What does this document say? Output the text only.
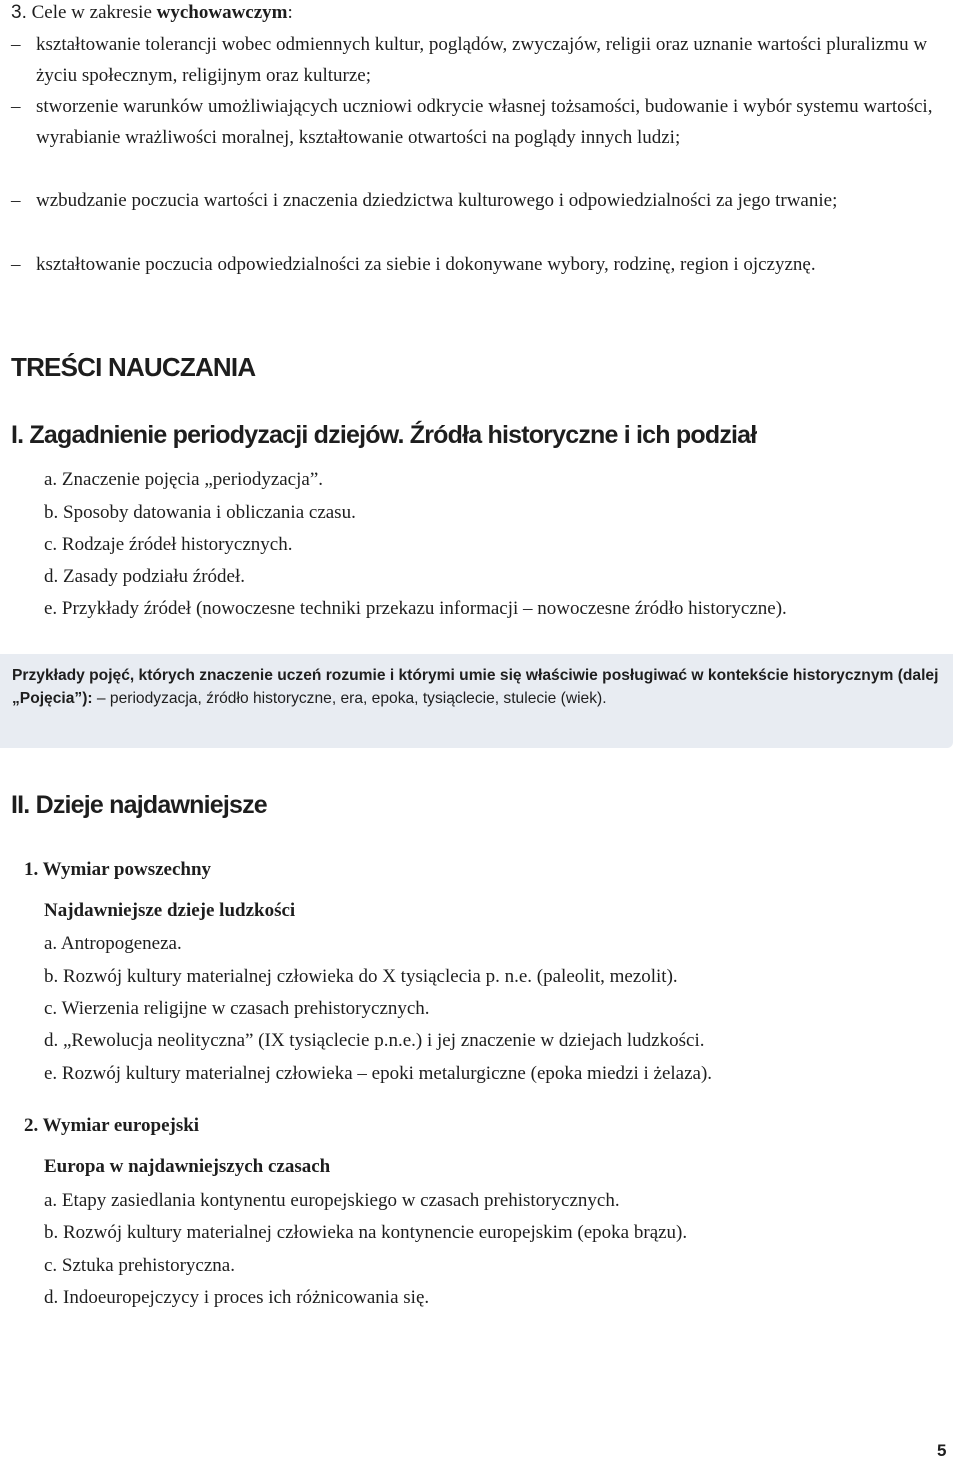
3. Cele w zakresie wychowawczym:
– kształtowanie tolerancji wobec odmiennych kultur, poglądów, zwyczajów, religii oraz uznanie wartości pluralizmu w życiu społecznym, religijnym oraz kulturze;
– stworzenie warunków umożliwiających uczniowi odkrycie własnej tożsamości, budowanie i wybór systemu wartości, wyrabianie wrażliwości moralnej, kształtowanie otwartości na poglądy innych ludzi;
– wzbudzanie poczucia wartości i znaczenia dziedzictwa kulturowego i odpowiedzialności za jego trwanie;
– kształtowanie poczucia odpowiedzialności za siebie i dokonywane wybory, rodzinę, region i ojczyznę.
TREŚCI NAUCZANIA
I. Zagadnienie periodyzacji dziejów. Źródła historyczne i ich podział
a. Znaczenie pojęcia „periodyzacja”.
b. Sposoby datowania i obliczania czasu.
c. Rodzaje źródeł historycznych.
d. Zasady podziału źródeł.
e. Przykłady źródeł (nowoczesne techniki przekazu informacji – nowoczesne źródło historyczne).
Przykłady pojęć, których znaczenie uczeń rozumie i którymi umie się właściwie posługiwać w kontekście historycznym (dalej „Pojęcia”): – periodyzacja, źródło historyczne, era, epoka, tysiąclecie, stulecie (wiek).
II. Dzieje najdawniejsze
1. Wymiar powszechny
Najdawniejsze dzieje ludzkości
a. Antropogeneza.
b. Rozwój kultury materialnej człowieka do X tysiąclecia p. n.e. (paleolit, mezolit).
c. Wierzenia religijne w czasach prehistorycznych.
d. „Rewolucja neolityczna” (IX tysiąclecie p.n.e.) i jej znaczenie w dziejach ludzkości.
e. Rozwój kultury materialnej człowieka – epoki metalurgiczne (epoka miedzi i żelaza).
2. Wymiar europejski
Europa w najdawniejszych czasach
a. Etapy zasiedlania kontynentu europejskiego w czasach prehistorycznych.
b. Rozwój kultury materialnej człowieka na kontynencie europejskim (epoka brązu).
c. Sztuka prehistoryczna.
d. Indoeuropejczycy i proces ich różnicowania się.
5
